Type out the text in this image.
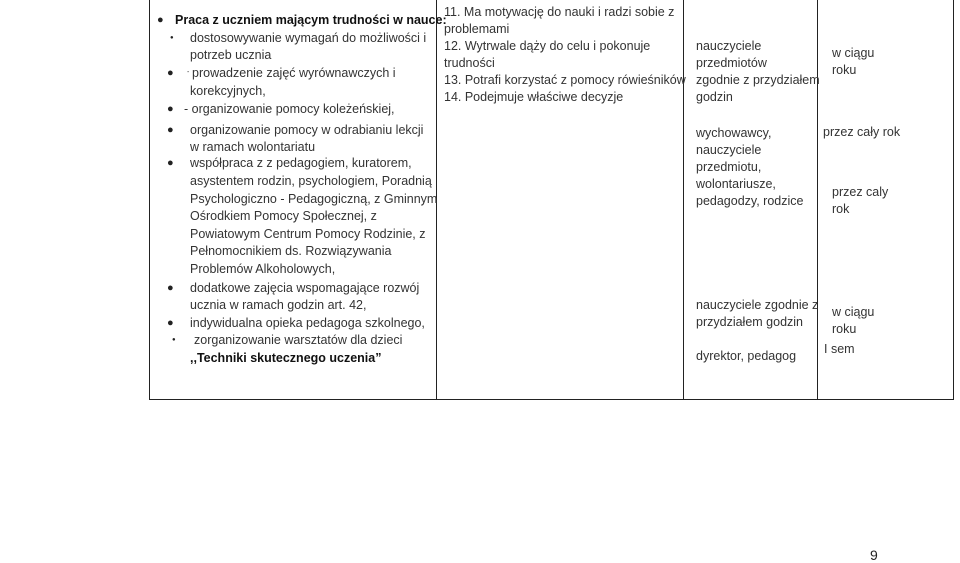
● Praca z uczniem mającym trudności w nauce:
● dostosowywanie wymagań do możliwości i
potrzeb ucznia
● - prowadzenie zajęć wyrównawczych i
korekcyjnych,
● - organizowanie pomocy koleżeńskiej,
● organizowanie pomocy w odrabianiu lekcji
w ramach wolontariatu
● współpraca z z pedagogiem, kuratorem,
asystentem rodzin, psychologiem, Poradnią
Psychologiczno - Pedagogiczną, z Gminnym
Ośrodkiem Pomocy Społecznej, z
Powiatowym Centrum Pomocy Rodzinie, z
Pełnomocnikiem ds. Rozwiązywania
Problemów Alkoholowych,
● dodatkowe zajęcia wspomagające rozwój
ucznia w ramach godzin art. 42,
● indywidualna opieka pedagoga szkolnego,
● zorganizowanie warsztatów dla dzieci
,,Techniki skutecznego uczenia”
11. Ma motywację do nauki i radzi sobie z
problemami
12. Wytrwale dąży do celu i pokonuje
trudności
13. Potrafi korzystać z pomocy rówieśników
14. Podejmuje właściwe decyzje
nauczyciele
przedmiotów
zgodnie z przydziałem
godzin
wychowawcy,
nauczyciele
przedmiotu,
wolontariusze,
pedagodzy, rodzice
nauczyciele zgodnie z
przydziałem godzin
dyrektor, pedagog
w ciągu
roku
przez cały rok
przez caly
rok
w ciągu
roku
I sem
9
